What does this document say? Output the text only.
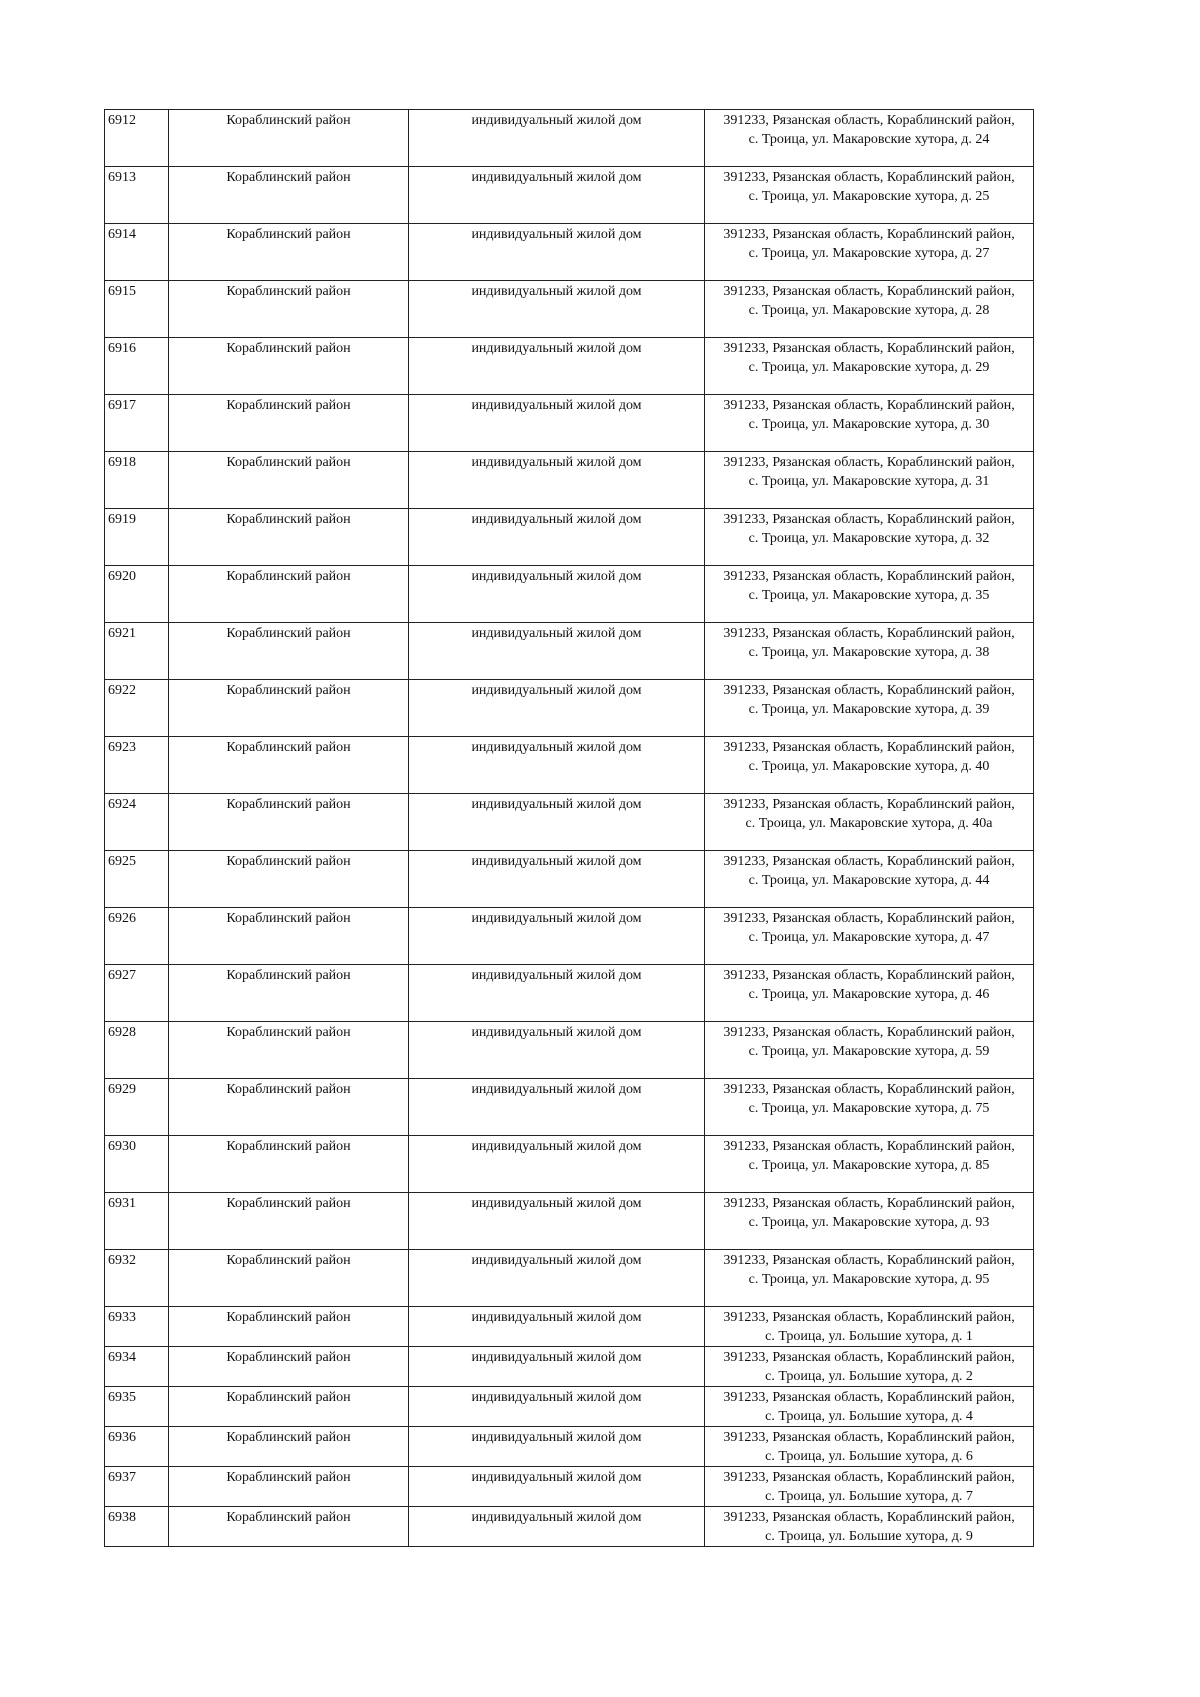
6912	Кораблинский район	индивидуальный жилой дом	391233, Рязанская область, Кораблинский район,
с. Троица, ул. Макаровские хутора, д. 24

6913	Кораблинский район	индивидуальный жилой дом	391233, Рязанская область, Кораблинский район,
с. Троица, ул. Макаровские хутора, д. 25

6914	Кораблинский район	индивидуальный жилой дом	391233, Рязанская область, Кораблинский район,
с. Троица, ул. Макаровские хутора, д. 27

6915	Кораблинский район	индивидуальный жилой дом	391233, Рязанская область, Кораблинский район,
с. Троица, ул. Макаровские хутора, д. 28

6916	Кораблинский район	индивидуальный жилой дом	391233, Рязанская область, Кораблинский район,
с. Троица, ул. Макаровские хутора, д. 29

6917	Кораблинский район	индивидуальный жилой дом	391233, Рязанская область, Кораблинский район,
с. Троица, ул. Макаровские хутора, д. 30

6918	Кораблинский район	индивидуальный жилой дом	391233, Рязанская область, Кораблинский район,
с. Троица, ул. Макаровские хутора, д. 31

6919	Кораблинский район	индивидуальный жилой дом	391233, Рязанская область, Кораблинский район,
с. Троица, ул. Макаровские хутора, д. 32

6920	Кораблинский район	индивидуальный жилой дом	391233, Рязанская область, Кораблинский район,
с. Троица, ул. Макаровские хутора, д. 35

6921	Кораблинский район	индивидуальный жилой дом	391233, Рязанская область, Кораблинский район,
с. Троица, ул. Макаровские хутора, д. 38

6922	Кораблинский район	индивидуальный жилой дом	391233, Рязанская область, Кораблинский район,
с. Троица, ул. Макаровские хутора, д. 39

6923	Кораблинский район	индивидуальный жилой дом	391233, Рязанская область, Кораблинский район,
с. Троица, ул. Макаровские хутора, д. 40

6924	Кораблинский район	индивидуальный жилой дом	391233, Рязанская область, Кораблинский район,
с. Троица, ул. Макаровские хутора, д. 40а

6925	Кораблинский район	индивидуальный жилой дом	391233, Рязанская область, Кораблинский район,
с. Троица, ул. Макаровские хутора, д. 44

6926	Кораблинский район	индивидуальный жилой дом	391233, Рязанская область, Кораблинский район,
с. Троица, ул. Макаровские хутора, д. 47

6927	Кораблинский район	индивидуальный жилой дом	391233, Рязанская область, Кораблинский район,
с. Троица, ул. Макаровские хутора, д. 46

6928	Кораблинский район	индивидуальный жилой дом	391233, Рязанская область, Кораблинский район,
с. Троица, ул. Макаровские хутора, д. 59

6929	Кораблинский район	индивидуальный жилой дом	391233, Рязанская область, Кораблинский район,
с. Троица, ул. Макаровские хутора, д. 75

6930	Кораблинский район	индивидуальный жилой дом	391233, Рязанская область, Кораблинский район,
с. Троица, ул. Макаровские хутора, д. 85

6931	Кораблинский район	индивидуальный жилой дом	391233, Рязанская область, Кораблинский район,
с. Троица, ул. Макаровские хутора, д. 93

6932	Кораблинский район	индивидуальный жилой дом	391233, Рязанская область, Кораблинский район,
с. Троица, ул. Макаровские хутора, д. 95

6933	Кораблинский район	индивидуальный жилой дом	391233, Рязанская область, Кораблинский район,
с. Троица, ул. Большие хутора, д. 1

6934	Кораблинский район	индивидуальный жилой дом	391233, Рязанская область, Кораблинский район,
с. Троица, ул. Большие хутора, д. 2

6935	Кораблинский район	индивидуальный жилой дом	391233, Рязанская область, Кораблинский район,
с. Троица, ул. Большие хутора, д. 4

6936	Кораблинский район	индивидуальный жилой дом	391233, Рязанская область, Кораблинский район,
с. Троица, ул. Большие хутора, д. 6

6937	Кораблинский район	индивидуальный жилой дом	391233, Рязанская область, Кораблинский район,
с. Троица, ул. Большие хутора, д. 7

6938	Кораблинский район	индивидуальный жилой дом	391233, Рязанская область, Кораблинский район,
с. Троица, ул. Большие хутора, д. 9
